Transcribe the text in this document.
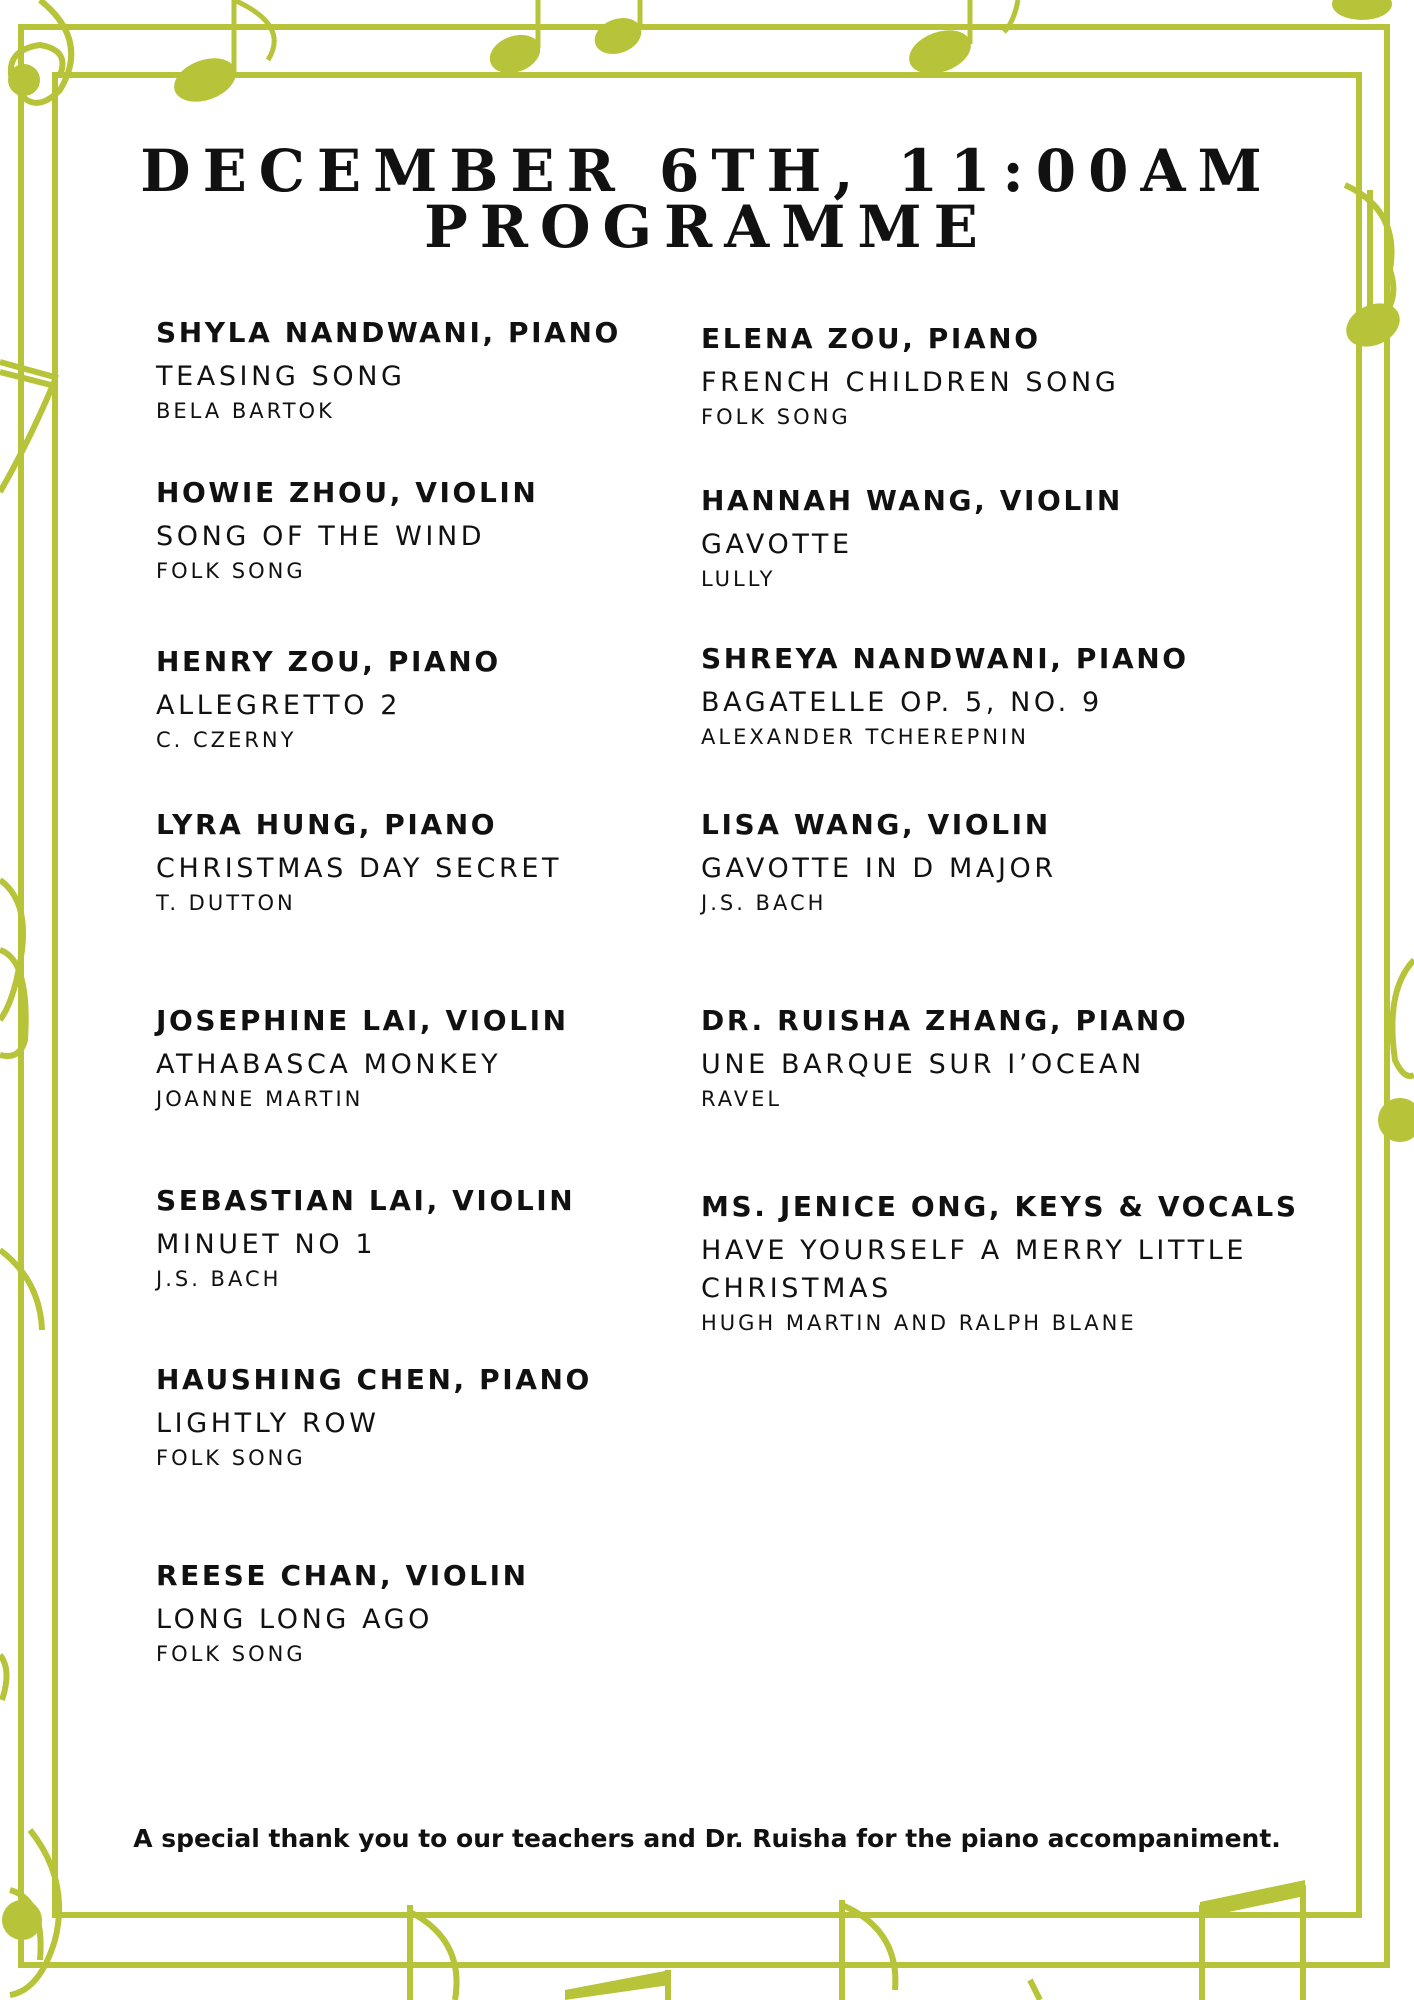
DECEMBER 6TH, 11:00AM
PROGRAMME
SHYLA NANDWANI, PIANO
TEASING SONG
BELA BARTOK
HOWIE ZHOU, VIOLIN
SONG OF THE WIND
FOLK SONG
HENRY ZOU, PIANO
ALLEGRETTO 2
C. CZERNY
LYRA HUNG, PIANO
CHRISTMAS DAY SECRET
T. DUTTON
JOSEPHINE LAI, VIOLIN
ATHABASCA MONKEY
JOANNE MARTIN
SEBASTIAN LAI, VIOLIN
MINUET NO 1
J.S. BACH
HAUSHING CHEN, PIANO
LIGHTLY ROW
FOLK SONG
REESE CHAN, VIOLIN
LONG LONG AGO
FOLK SONG
ELENA ZOU, PIANO
FRENCH CHILDREN SONG
FOLK SONG
HANNAH WANG, VIOLIN
GAVOTTE
LULLY
SHREYA NANDWANI, PIANO
BAGATELLE OP. 5, NO. 9
ALEXANDER TCHEREPNIN
LISA WANG, VIOLIN
GAVOTTE IN D MAJOR
J.S. BACH
DR. RUISHA ZHANG, PIANO
UNE BARQUE SUR I’OCEAN
RAVEL
MS. JENICE ONG, KEYS & VOCALS
HAVE YOURSELF A MERRY LITTLE CHRISTMAS
HUGH MARTIN AND RALPH BLANE
A special thank you to our teachers and Dr. Ruisha for the piano accompaniment.
